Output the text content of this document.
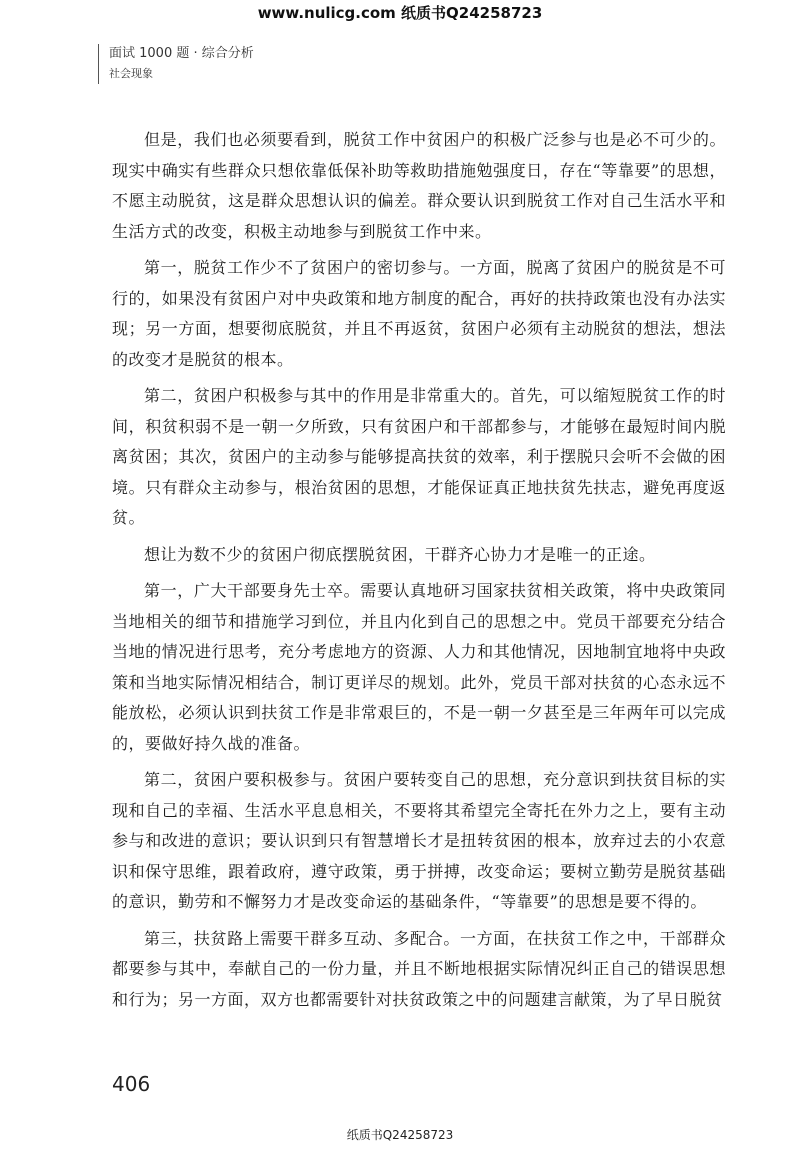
www.nulicg.com 纸质书Q24258723
面试 1000 题 · 综合分析
社会现象

但是，我们也必须要看到，脱贫工作中贫困户的积极广泛参与也是必不可少的。现实中确实有些群众只想依靠低保补助等救助措施勉强度日，存在“等靠要”的思想，不愿主动脱贫，这是群众思想认识的偏差。群众要认识到脱贫工作对自己生活水平和生活方式的改变，积极主动地参与到脱贫工作中来。

第一，脱贫工作少不了贫困户的密切参与。一方面，脱离了贫困户的脱贫是不可行的，如果没有贫困户对中央政策和地方制度的配合，再好的扶持政策也没有办法实现；另一方面，想要彻底脱贫，并且不再返贫，贫困户必须有主动脱贫的想法，想法的改变才是脱贫的根本。

第二，贫困户积极参与其中的作用是非常重大的。首先，可以缩短脱贫工作的时间，积贫积弱不是一朝一夕所致，只有贫困户和干部都参与，才能够在最短时间内脱离贫困；其次，贫困户的主动参与能够提高扶贫的效率，利于摆脱只会听不会做的困境。只有群众主动参与，根治贫困的思想，才能保证真正地扶贫先扶志，避免再度返贫。

想让为数不少的贫困户彻底摆脱贫困，干群齐心协力才是唯一的正途。

第一，广大干部要身先士卒。需要认真地研习国家扶贫相关政策，将中央政策同当地相关的细节和措施学习到位，并且内化到自己的思想之中。党员干部要充分结合当地的情况进行思考，充分考虑地方的资源、人力和其他情况，因地制宜地将中央政策和当地实际情况相结合，制订更详尽的规划。此外，党员干部对扶贫的心态永远不能放松，必须认识到扶贫工作是非常艰巨的，不是一朝一夕甚至是三年两年可以完成的，要做好持久战的准备。

第二，贫困户要积极参与。贫困户要转变自己的思想，充分意识到扶贫目标的实现和自己的幸福、生活水平息息相关，不要将其希望完全寄托在外力之上，要有主动参与和改进的意识；要认识到只有智慧增长才是扭转贫困的根本，放弃过去的小农意识和保守思维，跟着政府，遵守政策，勇于拼搏，改变命运；要树立勤劳是脱贫基础的意识，勤劳和不懈努力才是改变命运的基础条件，“等靠要”的思想是要不得的。

第三，扶贫路上需要干群多互动、多配合。一方面，在扶贫工作之中，干部群众都要参与其中，奉献自己的一份力量，并且不断地根据实际情况纠正自己的错误思想和行为；另一方面，双方也都需要针对扶贫政策之中的问题建言献策，为了早日脱贫

406
纸质书Q24258723
